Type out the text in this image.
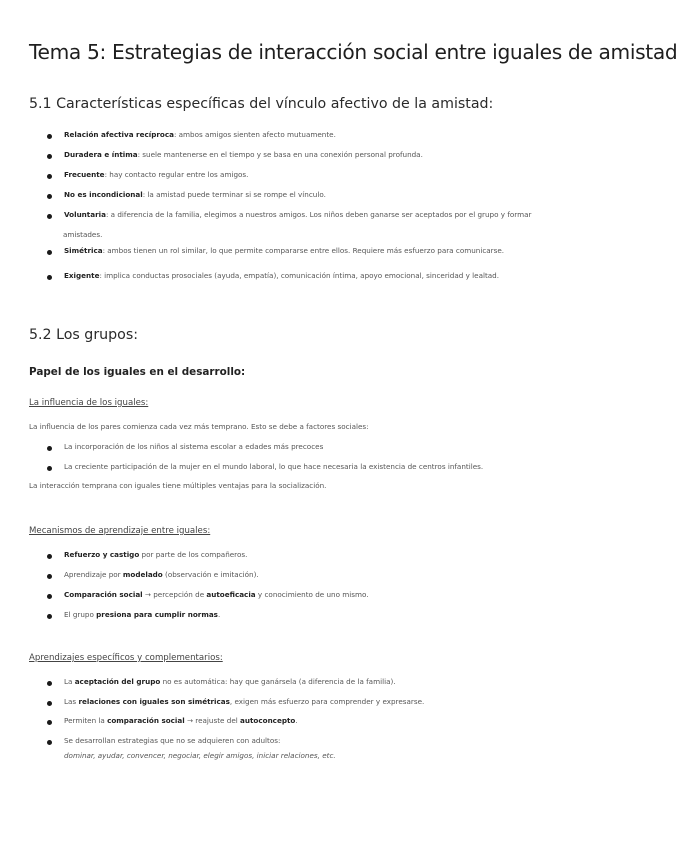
Tema 5: Estrategias de interacción social entre iguales de amistad
5.1 Características específicas del vínculo afectivo de la amistad:
Relación afectiva recíproca: ambos amigos sienten afecto mutuamente.
Duradera e íntima: suele mantenerse en el tiempo y se basa en una conexión personal profunda.
Frecuente: hay contacto regular entre los amigos.
No es incondicional: la amistad puede terminar si se rompe el vínculo.
Voluntaria: a diferencia de la familia, elegimos a nuestros amigos. Los niños deben ganarse ser aceptados por el grupo y formar
amistades.
Simétrica: ambos tienen un rol similar, lo que permite compararse entre ellos. Requiere más esfuerzo para comunicarse.
Exigente: implica conductas prosociales (ayuda, empatía), comunicación íntima, apoyo emocional, sinceridad y lealtad.
5.2 Los grupos:
Papel de los iguales en el desarrollo:
La influencia de los iguales:
La influencia de los pares comienza cada vez más temprano. Esto se debe a factores sociales:
La incorporación de los niños al sistema escolar a edades más precoces
La creciente participación de la mujer en el mundo laboral, lo que hace necesaria la existencia de centros infantiles.
La interacción temprana con iguales tiene múltiples ventajas para la socialización.
Mecanismos de aprendizaje entre iguales:
Refuerzo y castigo por parte de los compañeros.
Aprendizaje por modelado (observación e imitación).
Comparación social → percepción de autoeficacia y conocimiento de uno mismo.
El grupo presiona para cumplir normas.
Aprendizajes específicos y complementarios:
La aceptación del grupo no es automática: hay que ganársela (a diferencia de la familia).
Las relaciones con iguales son simétricas, exigen más esfuerzo para comprender y expresarse.
Permiten la comparación social → reajuste del autoconcepto.
Se desarrollan estrategias que no se adquieren con adultos:
dominar, ayudar, convencer, negociar, elegir amigos, iniciar relaciones, etc.
